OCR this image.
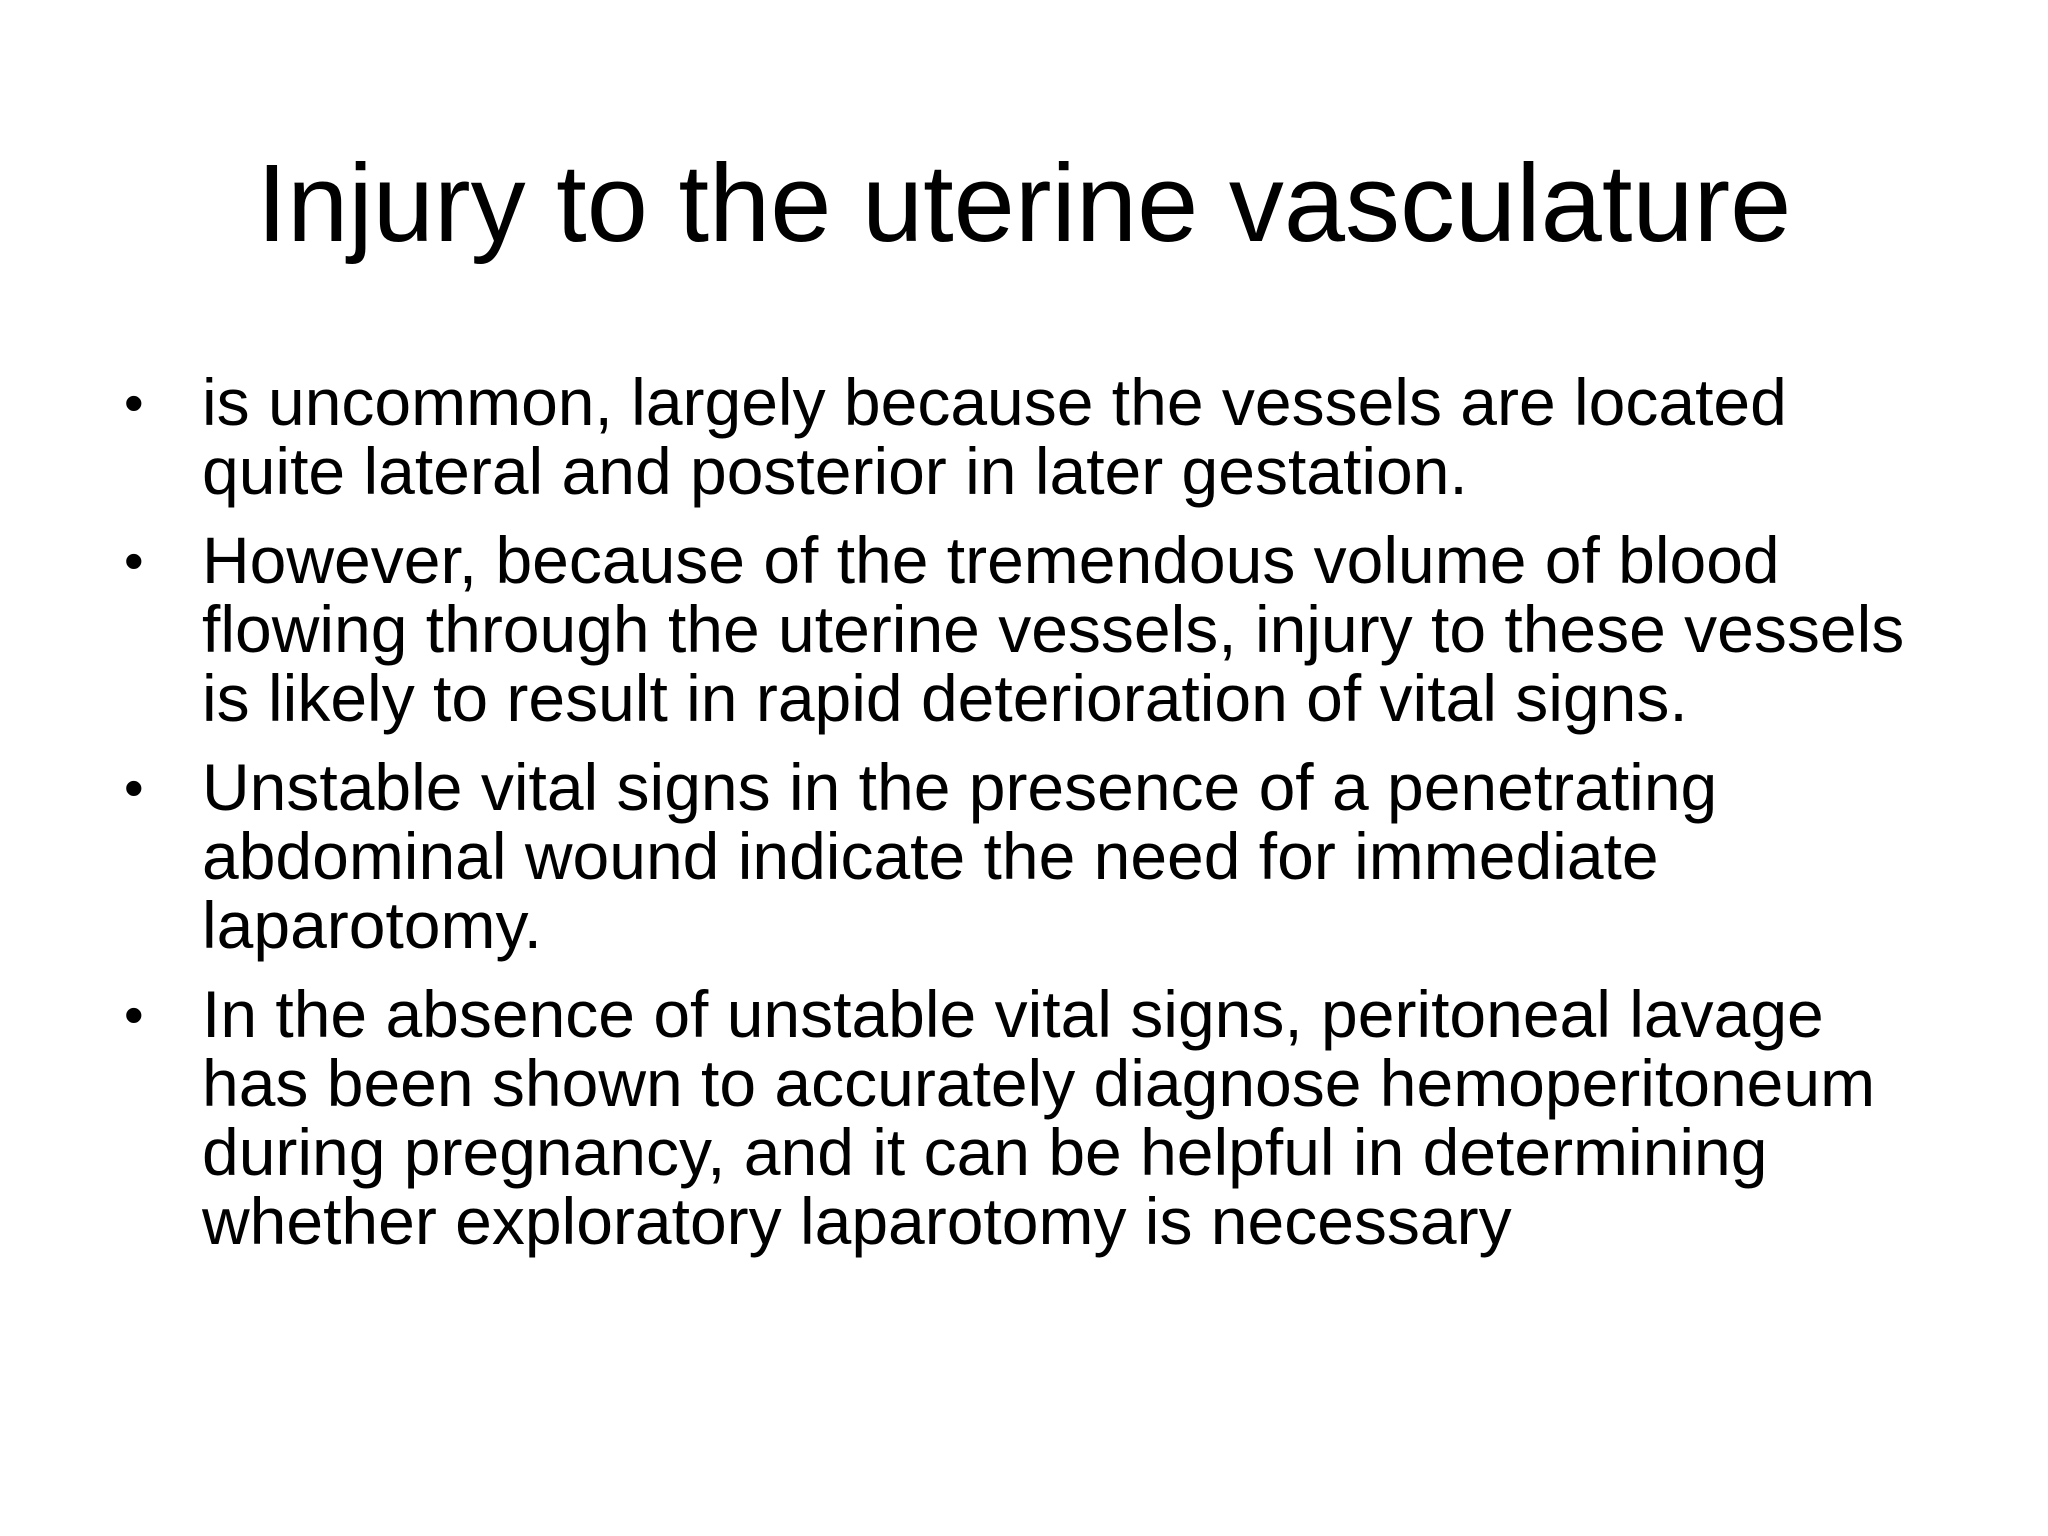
Injury to the uterine vasculature
• is uncommon, largely because the vessels are located quite lateral and posterior in later gestation.
• However, because of the tremendous volume of blood flowing through the uterine vessels, injury to these vessels is likely to result in rapid deterioration of vital signs.
• Unstable vital signs in the presence of a penetrating abdominal wound indicate the need for immediate laparotomy.
• In the absence of unstable vital signs, peritoneal lavage has been shown to accurately diagnose hemoperitoneum during pregnancy, and it can be helpful in determining whether exploratory laparotomy is necessary
